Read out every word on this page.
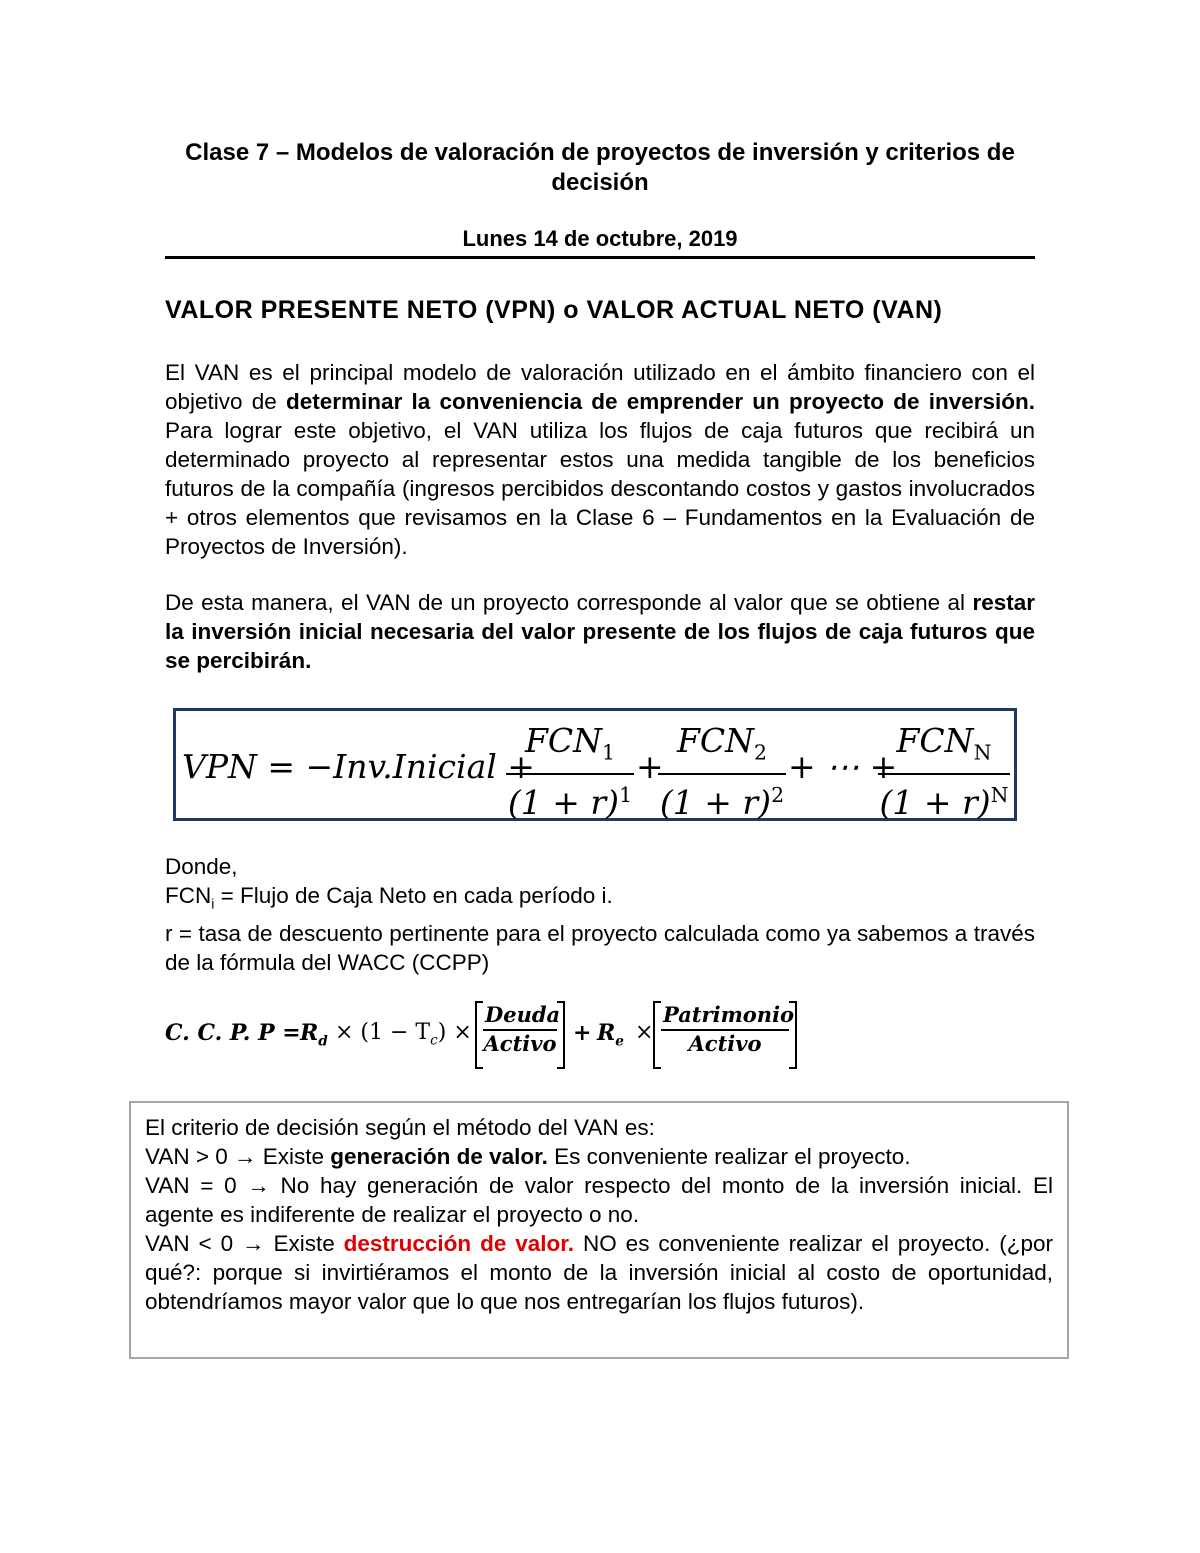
Clase 7 – Modelos de valoración de proyectos de inversión y criterios de decisión
Lunes 14 de octubre, 2019
VALOR PRESENTE NETO (VPN) o VALOR ACTUAL NETO (VAN)
El VAN es el principal modelo de valoración utilizado en el ámbito financiero con el objetivo de determinar la conveniencia de emprender un proyecto de inversión. Para lograr este objetivo, el VAN utiliza los flujos de caja futuros que recibirá un determinado proyecto al representar estos una medida tangible de los beneficios futuros de la compañía (ingresos percibidos descontando costos y gastos involucrados + otros elementos que revisamos en la Clase 6 – Fundamentos en la Evaluación de Proyectos de Inversión).
De esta manera, el VAN de un proyecto corresponde al valor que se obtiene al restar la inversión inicial necesaria del valor presente de los flujos de caja futuros que se percibirán.
VPN = −Inv.Inicial +
$FCN_1$
$(1 + r)^1$
+
$FCN_2$
$(1 + r)^2$
+ ⋯ +
$FCN_N$
$(1 + r)^N$
Donde,
$FCN_i$ = Flujo de Caja Neto en cada período i.
r = tasa de descuento pertinente para el proyecto calculada como ya sabemos a través de la fórmula del WACC (CCPP)
C. C. P. $P = R_d \times (1 - T_c)$ ×
Deuda
Activo + $R_e$ ×
Patrimonio
Activo
El criterio de decisión según el método del VAN es:
VAN > 0 → Existe generación de valor. Es conveniente realizar el proyecto.
VAN = 0 → No hay generación de valor respecto del monto de la inversión inicial. El agente es indiferente de realizar el proyecto o no.
VAN < 0 → Existe destrucción de valor. NO es conveniente realizar el proyecto. (¿por qué?: porque si invirtiéramos el monto de la inversión inicial al costo de oportunidad, obtendríamos mayor valor que lo que nos entregarían los flujos futuros).
